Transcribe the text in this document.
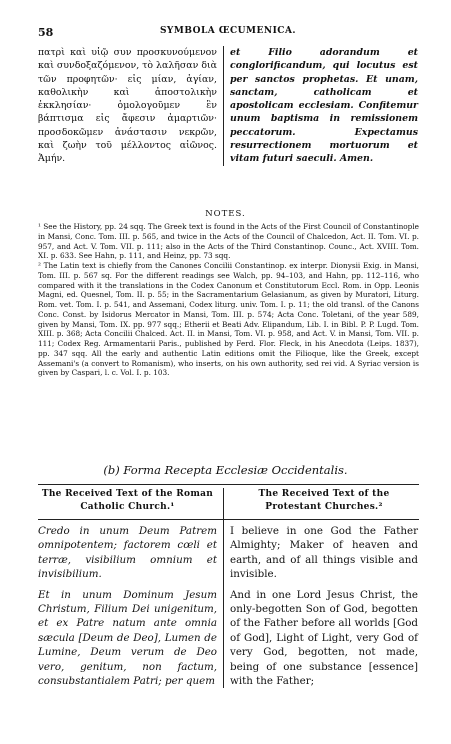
58	SYMBOLA ŒCUMENICA.
πατρὶ καὶ υἱῷ συν προσκυνούμενον καὶ συνδοξαζόμενον, τὸ λαλῆσαν διὰ τῶν προφητῶν· εἰς μίαν, ἁγίαν, καθολικὴν καὶ ἀποστολικὴν ἐκκλησίαν· ὁμολογοῦμεν ἓν βάπτισμα εἰς ἄφεσιν ἁμαρτιῶν· προσδοκῶμεν ἀνάστασιν νεκρῶν, καὶ ζωὴν τοῦ μέλλοντος αἰῶνος. Ἀμήν.
et Filio adorandum et conglorificandum, qui locutus est per sanctos prophetas. Et unam, sanctam, catholicam et apostolicam ecclesiam. Confitemur unum baptisma in remissionem peccatorum. Expectamus resurrectionem mortuorum et vitam futuri saeculi. Amen.
NOTES.
¹ See the History, pp. 24 sqq. The Greek text is found in the Acts of the First Council of Constantinople in Mansi, Conc. Tom. III. p. 565, and twice in the Acts of the Council of Chalcedon, Act. II. Tom. VI. p. 957, and Act. V. Tom. VII. p. 111; also in the Acts of the Third Constantinop. Counc., Act. XVIII. Tom. XI. p. 633. See Hahn, p. 111, and Heinz, pp. 73 sqq.
² The Latin text is chiefly from the Canones Concilii Constantinop. ex interpr. Dionysii Exig. in Mansi, Tom. III. p. 567 sq. For the different readings see Walch, pp. 94–103, and Hahn, pp. 112–116, who compared with it the translations in the Codex Canonum et Constitutorum Eccl. Rom. in Opp. Leonis Magni, ed. Quesnel, Tom. II. p. 55; in the Sacramentarium Gelasianum, as given by Muratori, Liturg. Rom. vet. Tom. I. p. 541, and Assemani, Codex liturg. univ. Tom. I. p. 11; the old transl. of the Canons Conc. Const. by Isidorus Mercator in Mansi, Tom. III. p. 574; Acta Conc. Toletani, of the year 589, given by Mansi, Tom. IX. pp. 977 sqq.; Etherii et Beati Adv. Elipandum, Lib. I. in Bibl. P. P. Lugd. Tom. XIII. p. 368; Acta Concilii Chalced. Act. II. in Mansi, Tom. VI. p. 958, and Act. V. in Mansi, Tom. VII. p. 111; Codex Reg. Armamentarii Paris., published by Ferd. Flor. Fleck, in his Anecdota (Leips. 1837), pp. 347 sqq. All the early and authentic Latin editions omit the Filioque, like the Greek, except Assemani's (a convert to Romanism), who inserts, on his own authority, sed rei vid. A Syriac version is given by Caspari, l. c. Vol. I. p. 103.
(b) Forma Recepta Ecclesiæ Occidentalis.
The Received Text of the Roman
Catholic Church.¹
Credo in unum Deum Patrem omnipotentem; factorem cœli et terræ, visibilium omnium et invisibilium.
Et in unum Dominum Jesum Christum, Filium Dei unigenitum, et ex Patre natum ante omnia sæcula [Deum de Deo], Lumen de Lumine, Deum verum de Deo vero, genitum, non factum, consubstantialem Patri; per quem
The Received Text of the Protestant Churches.²
I believe in one God the Father Almighty; Maker of heaven and earth, and of all things visible and invisible.
And in one Lord Jesus Christ, the only-begotten Son of God, begotten of the Father before all worlds [God of God], Light of Light, very God of very God, begotten, not made, being of one substance [essence] with the Father;
